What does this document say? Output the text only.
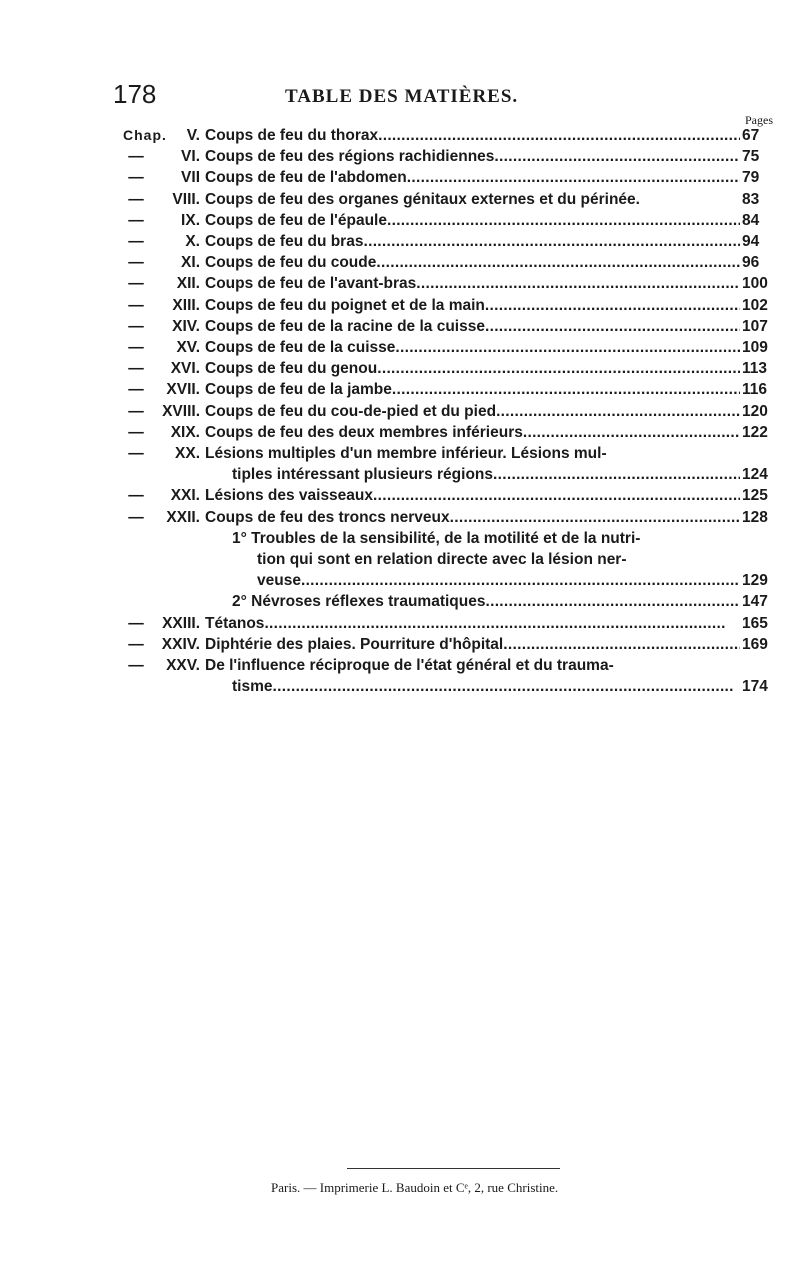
178	TABLE DES MATIÈRES.
Pages
Chap.	V. Coups de feu du thorax . . .	67
— VI. Coups de feu des régions rachidiennes . . .	75
— VII Coups de feu de l'abdomen . . .	79
— VIII. Coups de feu des organes génitaux externes et du périnée.	83
— IX. Coups de feu de l'épaule . . .	84
—	X. Coups de feu du bras . . .	94
— XI. Coups de feu du coude . . .	96
— XII. Coups de feu de l'avant-bras . . .	100
— XIII. Coups de feu du poignet et de la main . . .	102
— XIV. Coups de feu de la racine de la cuisse . . .	107
— XV. Coups de feu de la cuisse . . .	109
— XVI. Coups de feu du genou . . .	113
— XVII. Coups de feu de la jambe . . .	116
— XVIII. Coups de feu du cou-de-pied et du pied . . .	120
— XIX. Coups de feu des deux membres inférieurs . . .	122
— XX. Lésions multiples d'un membre inférieur. Lésions mul-
tiples intéressant plusieurs régions . . .	124
— XXI. Lésions des vaisseaux . . .	125
— XXII. Coups de feu des troncs nerveux . . .	128
1° Troubles de la sensibilité, de la motilité et de la nutri-
tion qui sont en relation directe avec la lésion ner-
veuse . . .	129
2° Névroses réflexes traumatiques . . .	147
— XXIII. Tétanos . . .	165
— XXIV. Diphtérie des plaies. Pourriture d'hôpital . . .	169
— XXV. De l'influence réciproque de l'état général et du trauma-
tisme . . .	174
Paris. — Imprimerie L. Baudoin et Cᵉ, 2, rue Christine.
